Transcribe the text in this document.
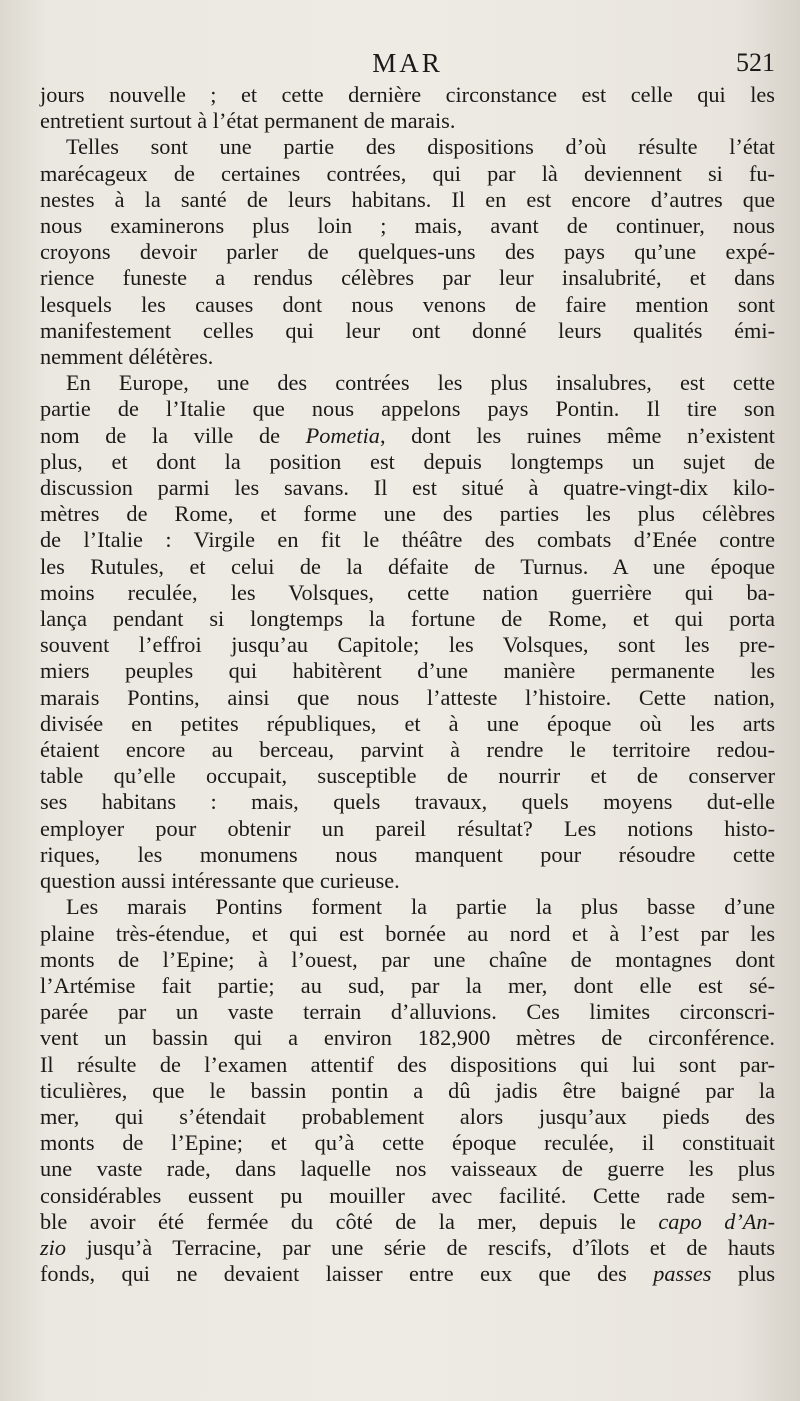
MAR	521
jours nouvelle ; et cette dernière circonstance est celle qui les
entretient surtout à l’état permanent de marais.
Telles sont une partie des dispositions d’où résulte l’état
marécageux de certaines contrées, qui par là deviennent si fu-
nestes à la santé de leurs habitans. Il en est encore d’autres que
nous examinerons plus loin ; mais, avant de continuer, nous
croyons devoir parler de quelques-uns des pays qu’une expé-
rience funeste a rendus célèbres par leur insalubrité, et dans
lesquels les causes dont nous venons de faire mention sont
manifestement celles qui leur ont donné leurs qualités émi-
nemment délétères.
En Europe, une des contrées les plus insalubres, est cette
partie de l’Italie que nous appelons pays Pontin. Il tire son
nom de la ville de Pometia, dont les ruines même n’existent
plus, et dont la position est depuis longtemps un sujet de
discussion parmi les savans. Il est situé à quatre-vingt-dix kilo-
mètres de Rome, et forme une des parties les plus célèbres
de l’Italie : Virgile en fit le théâtre des combats d’Enée contre
les Rutules, et celui de la défaite de Turnus. A une époque
moins reculée, les Volsques, cette nation guerrière qui ba-
lança pendant si longtemps la fortune de Rome, et qui porta
souvent l’effroi jusqu’au Capitole; les Volsques, sont les pre-
miers peuples qui habitèrent d’une manière permanente les
marais Pontins, ainsi que nous l’atteste l’histoire. Cette nation,
divisée en petites républiques, et à une époque où les arts
étaient encore au berceau, parvint à rendre le territoire redou-
table qu’elle occupait, susceptible de nourrir et de conserver
ses habitans : mais, quels travaux, quels moyens dut-elle
employer pour obtenir un pareil résultat? Les notions histo-
riques, les monumens nous manquent pour résoudre cette
question aussi intéressante que curieuse.
Les marais Pontins forment la partie la plus basse d’une
plaine très-étendue, et qui est bornée au nord et à l’est par les
monts de l’Epine; à l’ouest, par une chaîne de montagnes dont
l’Artémise fait partie; au sud, par la mer, dont elle est sé-
parée par un vaste terrain d’alluvions. Ces limites circonscri-
vent un bassin qui a environ 182,900 mètres de circonférence.
Il résulte de l’examen attentif des dispositions qui lui sont par-
ticulières, que le bassin pontin a dû jadis être baigné par la
mer, qui s’étendait probablement alors jusqu’aux pieds des
monts de l’Epine; et qu’à cette époque reculée, il constituait
une vaste rade, dans laquelle nos vaisseaux de guerre les plus
considérables eussent pu mouiller avec facilité. Cette rade sem-
ble avoir été fermée du côté de la mer, depuis le capo d’An-
zio jusqu’à Terracine, par une série de rescifs, d’îlots et de hauts
fonds, qui ne devaient laisser entre eux que des passes plus
